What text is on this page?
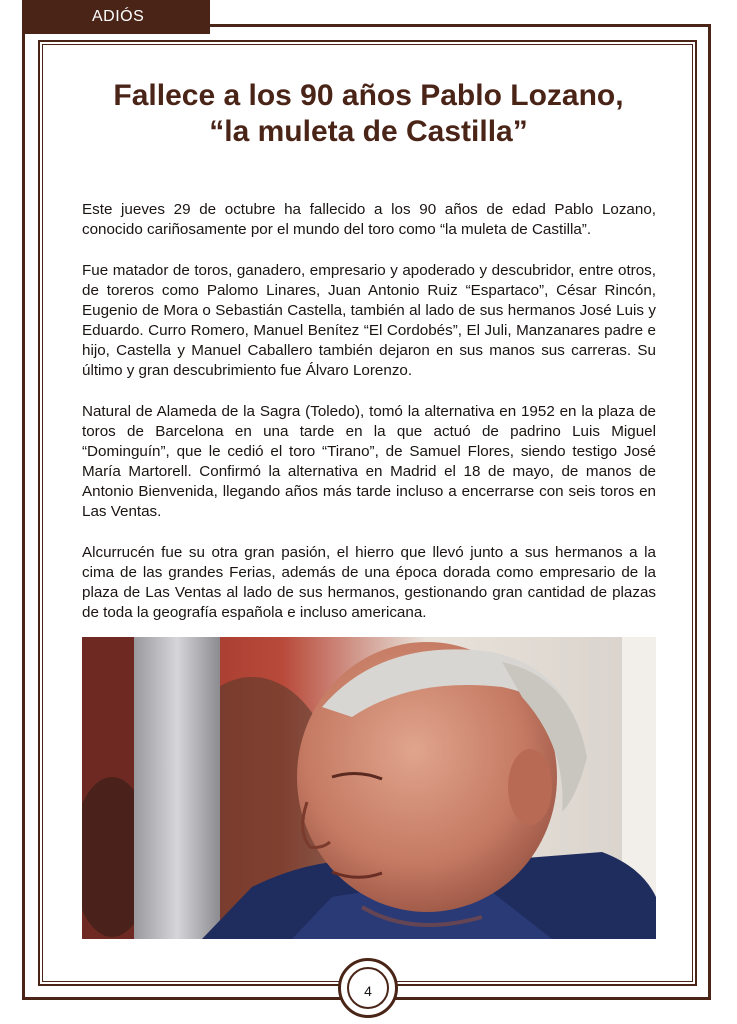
ADIÓS
Fallece a los 90 años Pablo Lozano,
“la muleta de Castilla”

Este jueves 29 de octubre ha fallecido a los 90 años de edad Pablo Lozano, conocido cariñosamente por el mundo del toro como “la muleta de Castilla”.

Fue matador de toros, ganadero, empresario y apoderado y descubridor, entre otros, de toreros como Palomo Linares, Juan Antonio Ruiz “Espartaco”, César Rincón, Eugenio de Mora o Sebastián Castella, también al lado de sus hermanos José Luis y Eduardo. Curro Romero, Manuel Benítez “El Cordobés”, El Juli, Manzanares padre e hijo, Castella y Manuel Caballero también dejaron en sus manos sus carreras. Su último y gran descubrimiento fue Álvaro Lorenzo.

Natural de Alameda de la Sagra (Toledo), tomó la alternativa en 1952 en la plaza de toros de Barcelona en una tarde en la que actuó de padrino Luis Miguel “Dominguín”, que le cedió el toro “Tirano”, de Samuel Flores, siendo testigo José María Martorell. Confirmó la alternativa en Madrid el 18 de mayo, de manos de Antonio Bienvenida, llegando años más tarde incluso a encerrarse con seis toros en Las Ventas.

Alcurrucén fue su otra gran pasión, el hierro que llevó junto a sus hermanos a la cima de las grandes Ferias, además de una época dorada como empresario de la plaza de Las Ventas al lado de sus hermanos, gestionando gran cantidad de plazas de toda la geografía española e incluso americana.

4
